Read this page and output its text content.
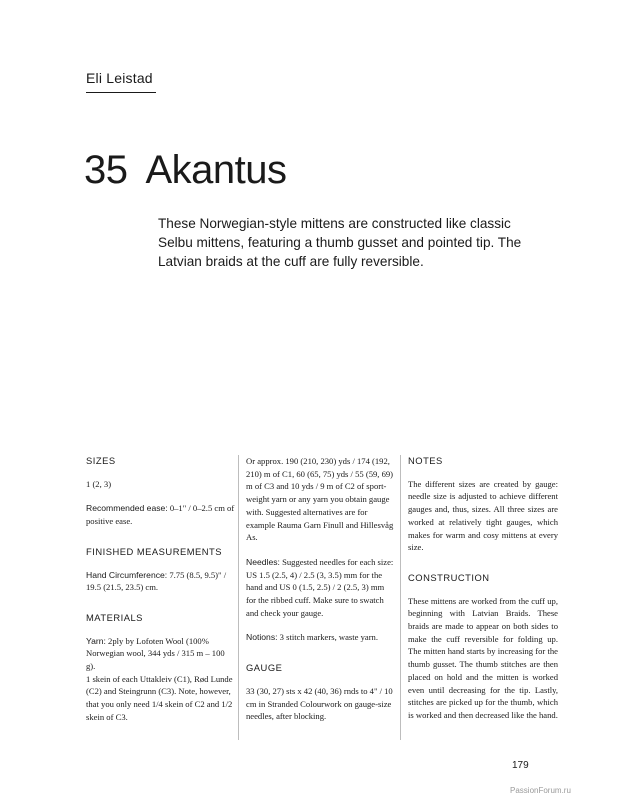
Eli Leistad
35 Akantus
These Norwegian-style mittens are constructed like classic Selbu mittens, featuring a thumb gusset and pointed tip. The Latvian braids at the cuff are fully reversible.
SIZES

1 (2, 3)

Recommended ease: 0–1" / 0–2.5 cm of positive ease.

FINISHED MEASUREMENTS

Hand Circumference: 7.75 (8.5, 9.5)" / 19.5 (21.5, 23.5) cm.

MATERIALS

Yarn: 2ply by Lofoten Wool (100% Norwegian wool, 344 yds / 315 m – 100 g).

1 skein of each Uttakleiv (C1), Rød Lunde (C2) and Steingrunn (C3). Note, however, that you only need 1/4 skein of C2 and 1/2 skein of C3.

Or approx. 190 (210, 230) yds / 174 (192, 210) m of C1, 60 (65, 75) yds / 55 (59, 69) m of C3 and 10 yds / 9 m of C2 of sport-weight yarn or any yarn you obtain gauge with. Suggested alternatives are for example Rauma Garn Finull and Hillesvåg As.

Needles: Suggested needles for each size: US 1.5 (2.5, 4) / 2.5 (3, 3.5) mm for the hand and US 0 (1.5, 2.5) / 2 (2.5, 3) mm for the ribbed cuff. Make sure to swatch and check your gauge.

Notions: 3 stitch markers, waste yarn.

GAUGE

33 (30, 27) sts x 42 (40, 36) rnds to 4" / 10 cm in Stranded Colourwork on gauge-size needles, after blocking.

NOTES

The different sizes are created by gauge: needle size is adjusted to achieve different gauges and, thus, sizes. All three sizes are worked at relatively tight gauges, which makes for warm and cosy mittens at every size.

CONSTRUCTION

These mittens are worked from the cuff up, beginning with Latvian Braids. These braids are made to appear on both sides to make the cuff reversible for folding up. The mitten hand starts by increasing for the thumb gusset. The thumb stitches are then placed on hold and the mitten is worked even until decreasing for the tip. Lastly, stitches are picked up for the thumb, which is worked and then decreased like the hand.

179
PassionForum.ru
